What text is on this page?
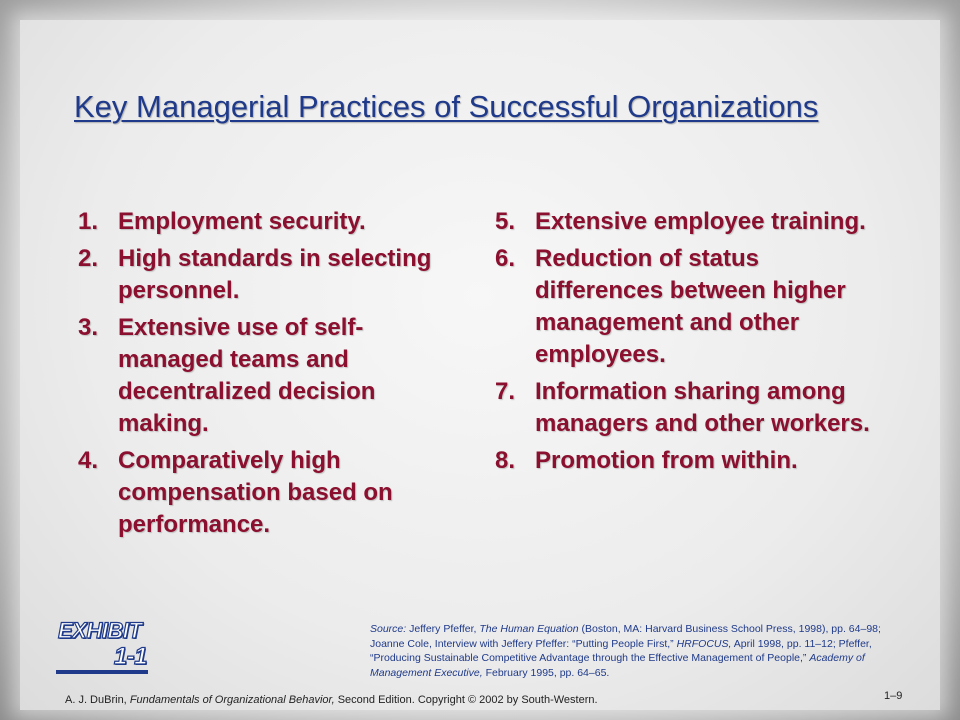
Key Managerial Practices of Successful Organizations
1. Employment security.
2. High standards in selecting personnel.
3. Extensive use of self-managed teams and decentralized decision making.
4. Comparatively high compensation based on performance.
5. Extensive employee training.
6. Reduction of status differences between higher management and other employees.
7. Information sharing among managers and other workers.
8. Promotion from within.
EXHIBIT
1-1
Source: Jeffery Pfeffer, The Human Equation (Boston, MA: Harvard Business School Press, 1998), pp. 64–98; Joanne Cole, Interview with Jeffery Pfeffer: “Putting People First,” HRFOCUS, April 1998, pp. 11–12; Pfeffer, “Producing Sustainable Competitive Advantage through the Effective Management of People,” Academy of Management Executive, February 1995, pp. 64–65.
A. J. DuBrin, Fundamentals of Organizational Behavior, Second Edition. Copyright © 2002 by South-Western.	1–9
